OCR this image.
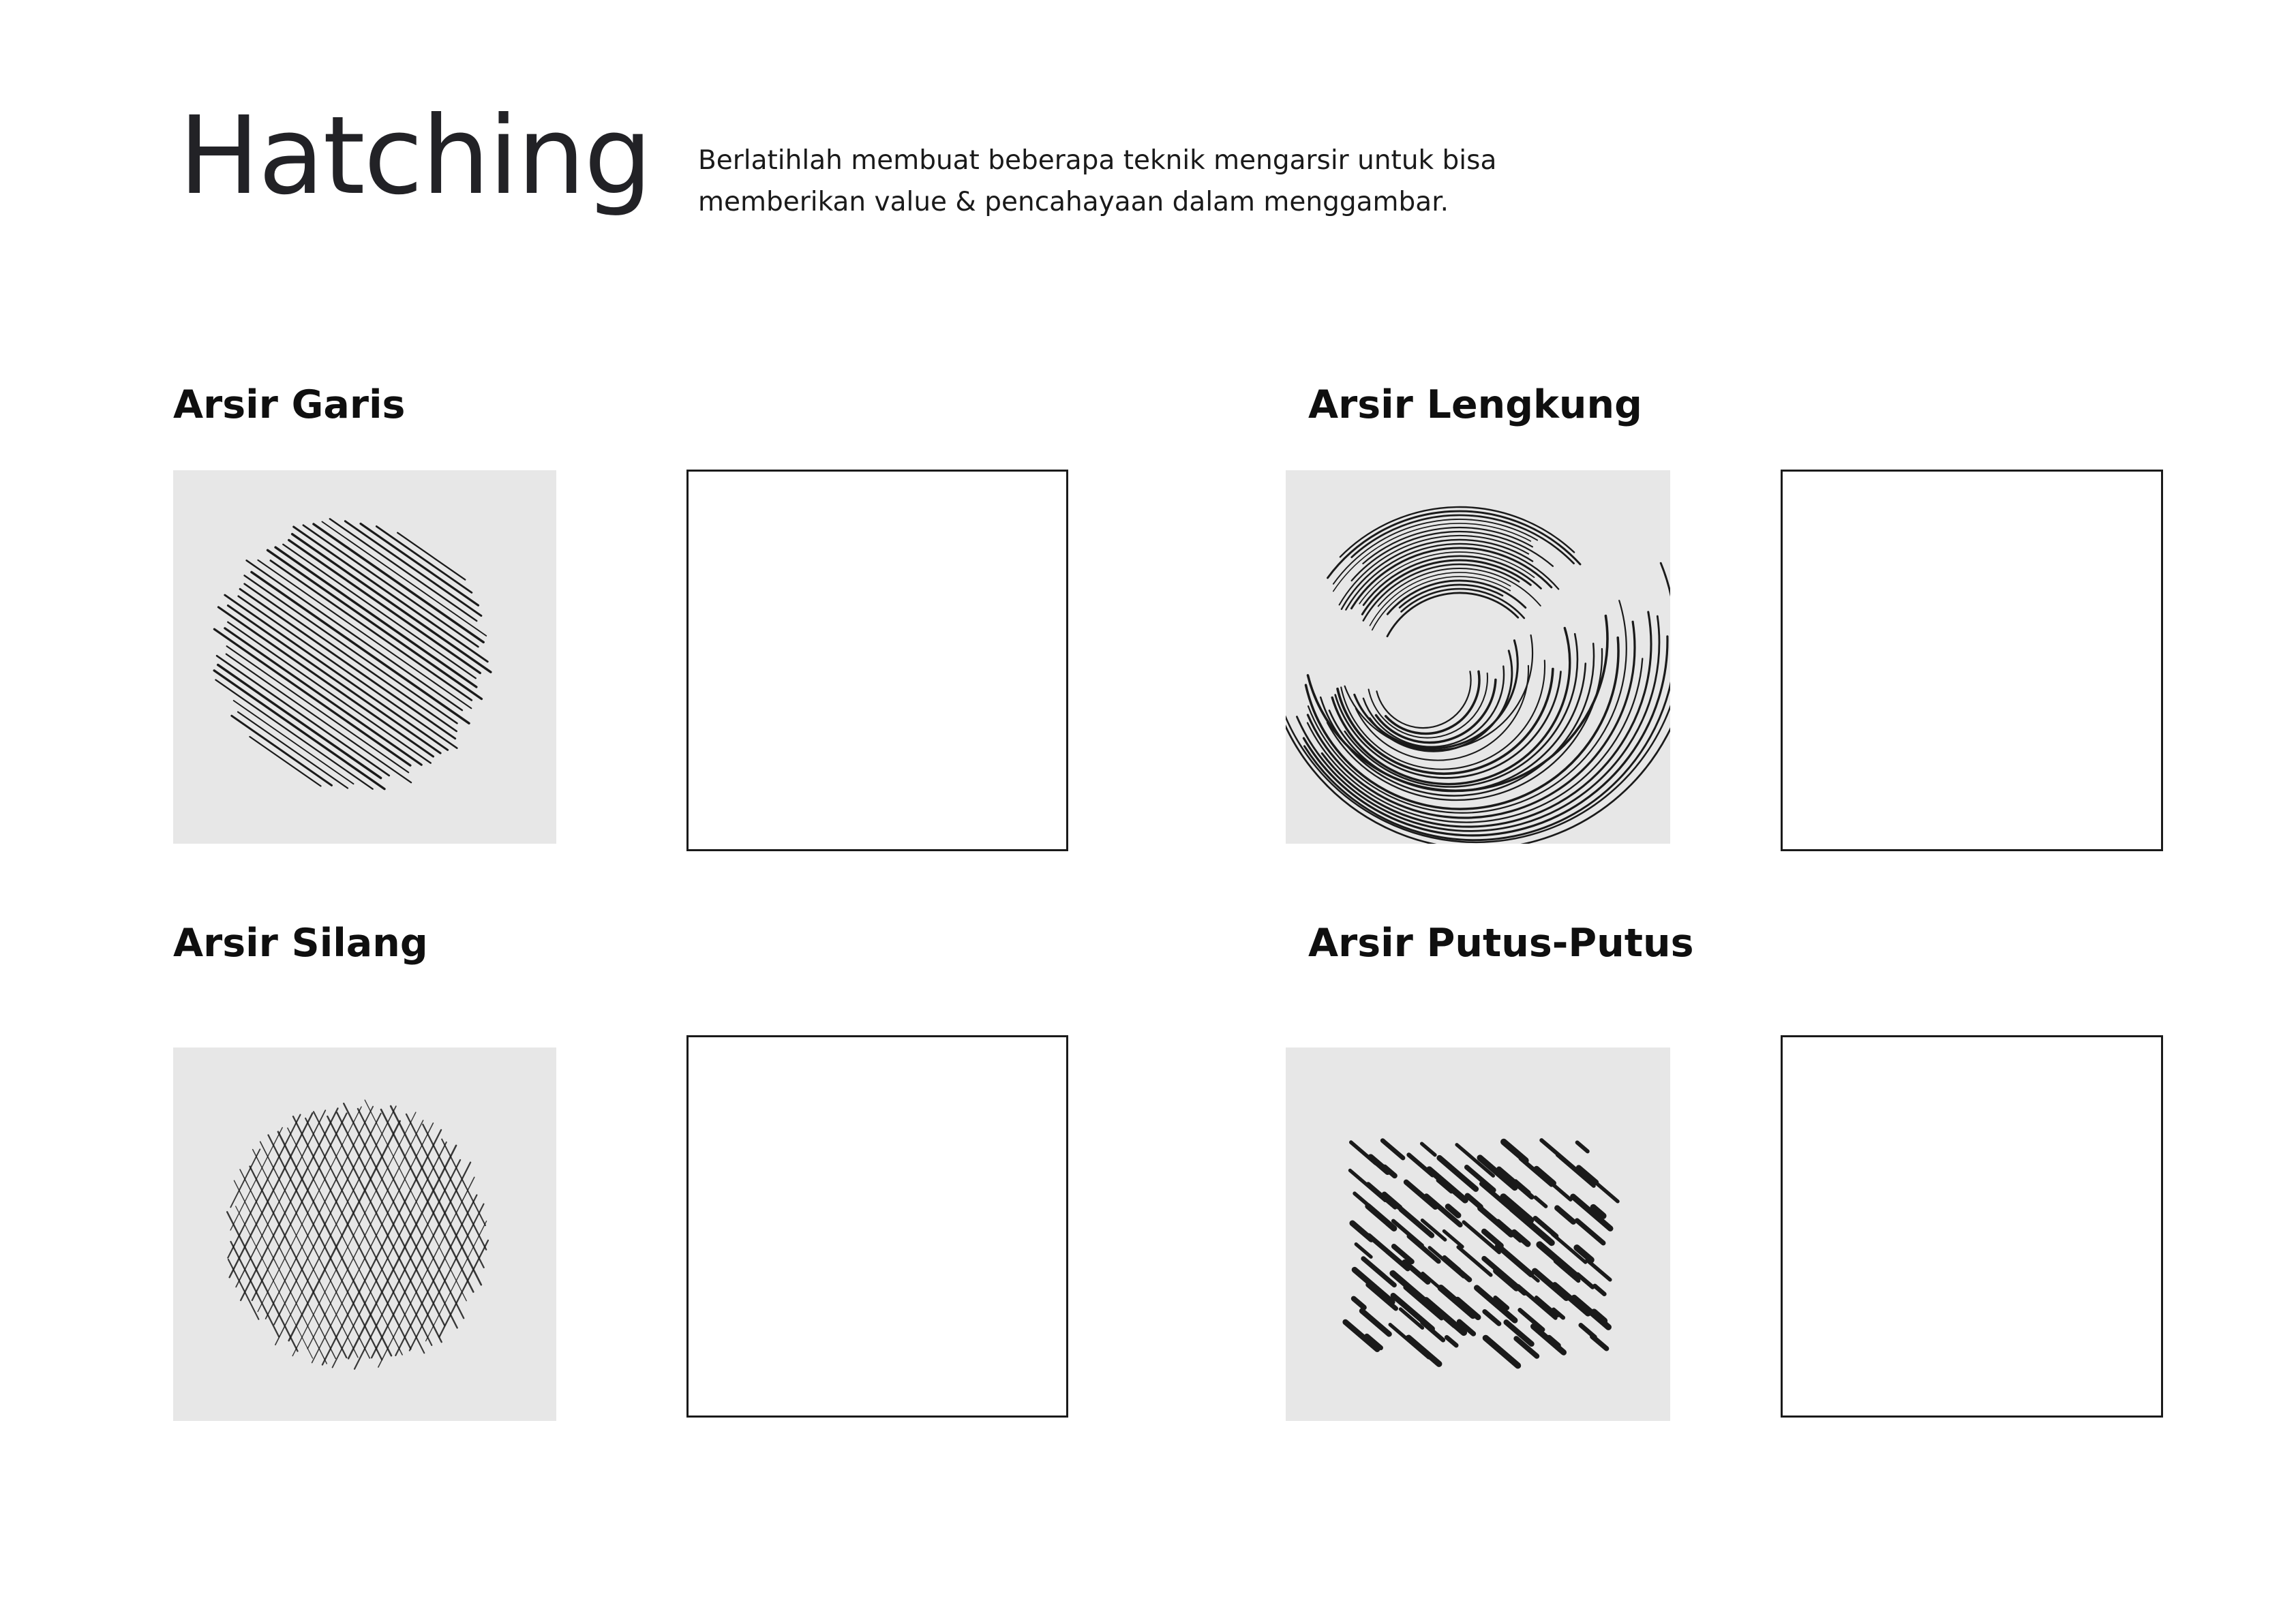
Hatching Berlatihlah membuat beberapa teknik mengarsir untuk bisa
memberikan value & pencahayaan dalam menggambar.

Arsir Garis	Arsir Lengkung
Arsir Silang	Arsir Putus-Putus
